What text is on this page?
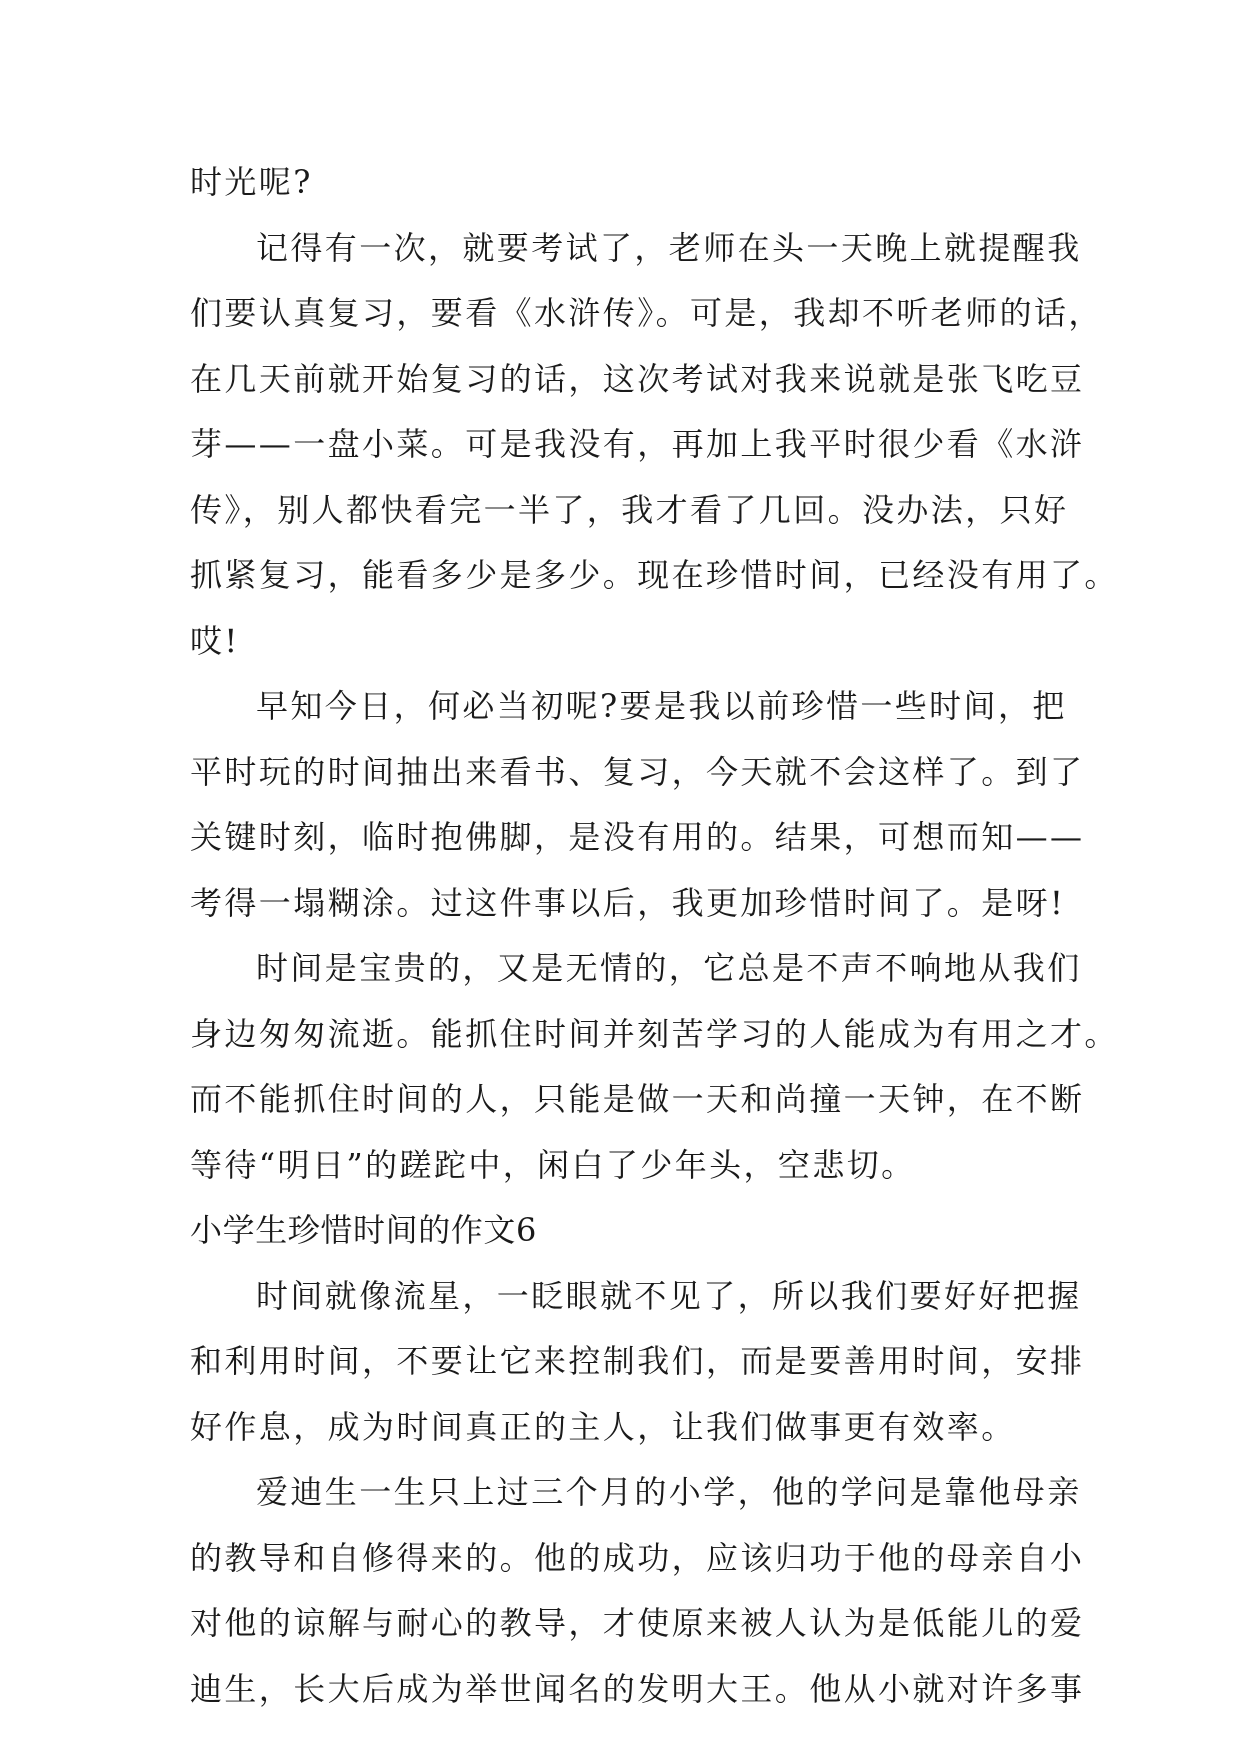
时光呢?
记得有一次，就要考试了，老师在头一天晚上就提醒我
们要认真复习，要看《水浒传》。可是，我却不听老师的话，
在几天前就开始复习的话，这次考试对我来说就是张飞吃豆
芽——一盘小菜。可是我没有，再加上我平时很少看《水浒
传》，别人都快看完一半了，我才看了几回。没办法，只好
抓紧复习，能看多少是多少。现在珍惜时间，已经没有用了。
哎!
早知今日，何必当初呢?要是我以前珍惜一些时间，把
平时玩的时间抽出来看书、复习，今天就不会这样了。到了
关键时刻，临时抱佛脚，是没有用的。结果，可想而知——
考得一塌糊涂。过这件事以后，我更加珍惜时间了。是呀!
时间是宝贵的，又是无情的，它总是不声不响地从我们
身边匆匆流逝。能抓住时间并刻苦学习的人能成为有用之才。
而不能抓住时间的人，只能是做一天和尚撞一天钟，在不断
等待“明日”的蹉跎中，闲白了少年头，空悲切。
小学生珍惜时间的作文6
时间就像流星，一眨眼就不见了，所以我们要好好把握
和利用时间，不要让它来控制我们，而是要善用时间，安排
好作息，成为时间真正的主人，让我们做事更有效率。
爱迪生一生只上过三个月的小学，他的学问是靠他母亲
的教导和自修得来的。他的成功，应该归功于他的母亲自小
对他的谅解与耐心的教导，才使原来被人认为是低能儿的爱
迪生，长大后成为举世闻名的发明大王。他从小就对许多事
